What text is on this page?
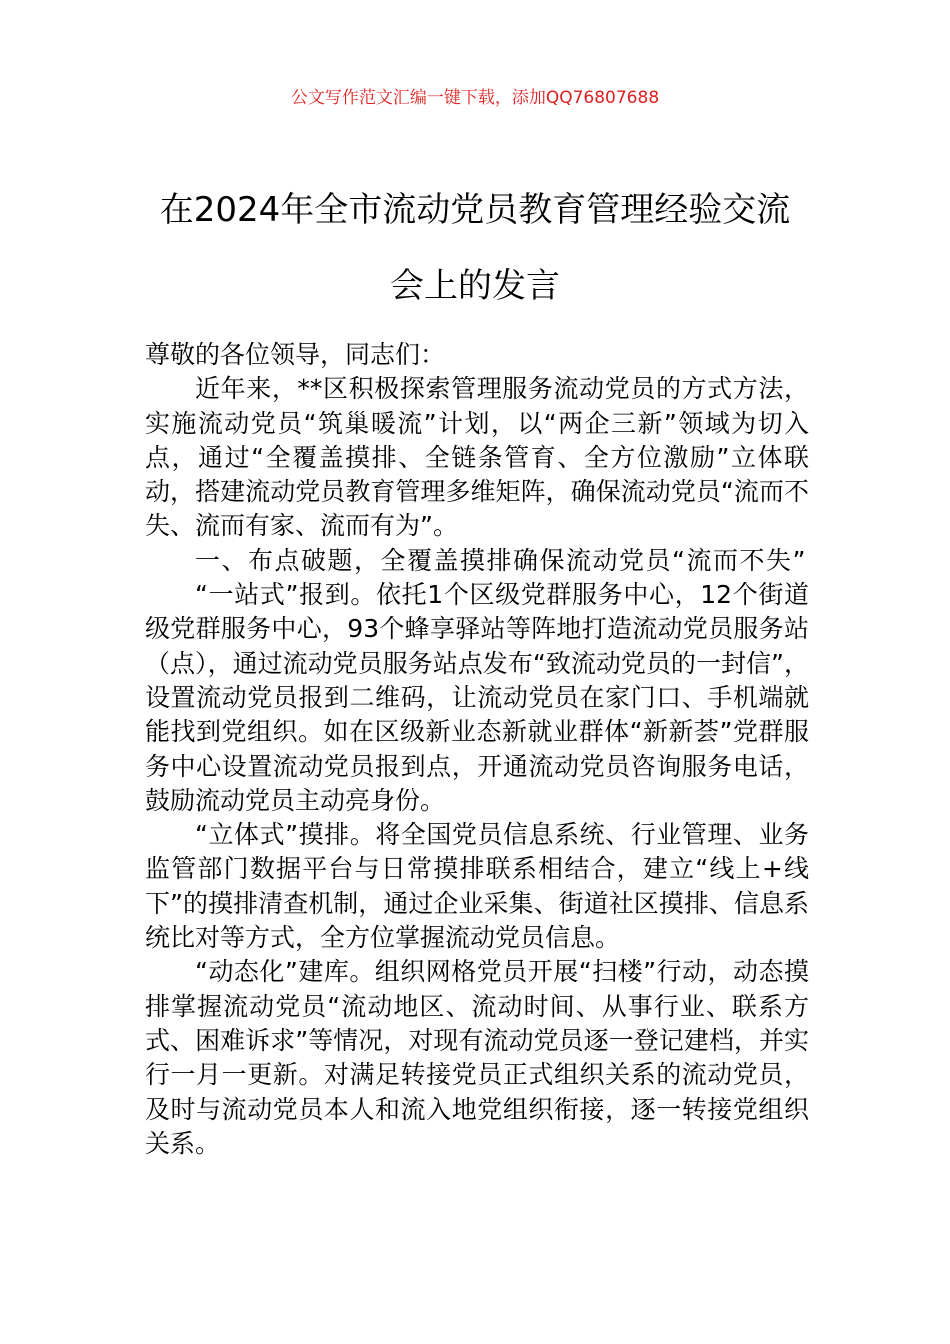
公文写作范文汇编一键下载，添加QQ76807688
在2024年全市流动党员教育管理经验交流
会上的发言

尊敬的各位领导，同志们：

近年来，**区积极探索管理服务流动党员的方式方法，实施流动党员“筑巢暖流”计划，以“两企三新”领域为切入点，通过“全覆盖摸排、全链条管育、全方位激励”立体联动，搭建流动党员教育管理多维矩阵，确保流动党员“流而不失、流而有家、流而有为”。

一、布点破题，全覆盖摸排确保流动党员“流而不失”

“一站式”报到。依托1个区级党群服务中心，12个街道级党群服务中心，93个蜂享驿站等阵地打造流动党员服务站（点），通过流动党员服务站点发布“致流动党员的一封信”，设置流动党员报到二维码，让流动党员在家门口、手机端就能找到党组织。如在区级新业态新就业群体“新新荟”党群服务中心设置流动党员报到点，开通流动党员咨询服务电话，鼓励流动党员主动亮身份。

“立体式”摸排。将全国党员信息系统、行业管理、业务监管部门数据平台与日常摸排联系相结合，建立“线上+线下”的摸排清查机制，通过企业采集、街道社区摸排、信息系统比对等方式，全方位掌握流动党员信息。

“动态化”建库。组织网格党员开展“扫楼”行动，动态摸排掌握流动党员“流动地区、流动时间、从事行业、联系方式、困难诉求”等情况，对现有流动党员逐一登记建档，并实行一月一更新。对满足转接党员正式组织关系的流动党员，及时与流动党员本人和流入地党组织衔接，逐一转接党组织关系。
